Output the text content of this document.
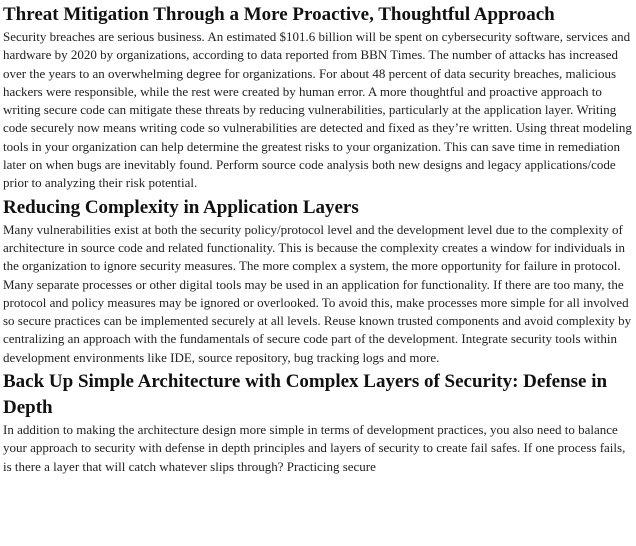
Threat Mitigation Through a More Proactive, Thoughtful Approach

Security breaches are serious business. An estimated $101.6 billion will be spent on cybersecurity software, services and hardware by 2020 by organizations, according to data reported from BBN Times. The number of attacks has increased over the years to an overwhelming degree for organizations. For about 48 percent of data security breaches, malicious hackers were responsible, while the rest were created by human error. A more thoughtful and proactive approach to writing secure code can mitigate these threats by reducing vulnerabilities, particularly at the application layer. Writing code securely now means writing code so vulnerabilities are detected and fixed as they’re written. Using threat modeling tools in your organization can help determine the greatest risks to your organization. This can save time in remediation later on when bugs are inevitably found. Perform source code analysis both new designs and legacy applications/code prior to analyzing their risk potential.

Reducing Complexity in Application Layers

Many vulnerabilities exist at both the security policy/protocol level and the development level due to the complexity of architecture in source code and related functionality. This is because the complexity creates a window for individuals in the organization to ignore security measures. The more complex a system, the more opportunity for failure in protocol. Many separate processes or other digital tools may be used in an application for functionality. If there are too many, the protocol and policy measures may be ignored or overlooked. To avoid this, make processes more simple for all involved so secure practices can be implemented securely at all levels. Reuse known trusted components and avoid complexity by centralizing an approach with the fundamentals of secure code part of the development. Integrate security tools within development environments like IDE, source repository, bug tracking logs and more.

Back Up Simple Architecture with Complex Layers of Security: Defense in Depth

In addition to making the architecture design more simple in terms of development practices, you also need to balance your approach to security with defense in depth principles and layers of security to create fail safes. If one process fails, is there a layer that will catch whatever slips through? Practicing secure
